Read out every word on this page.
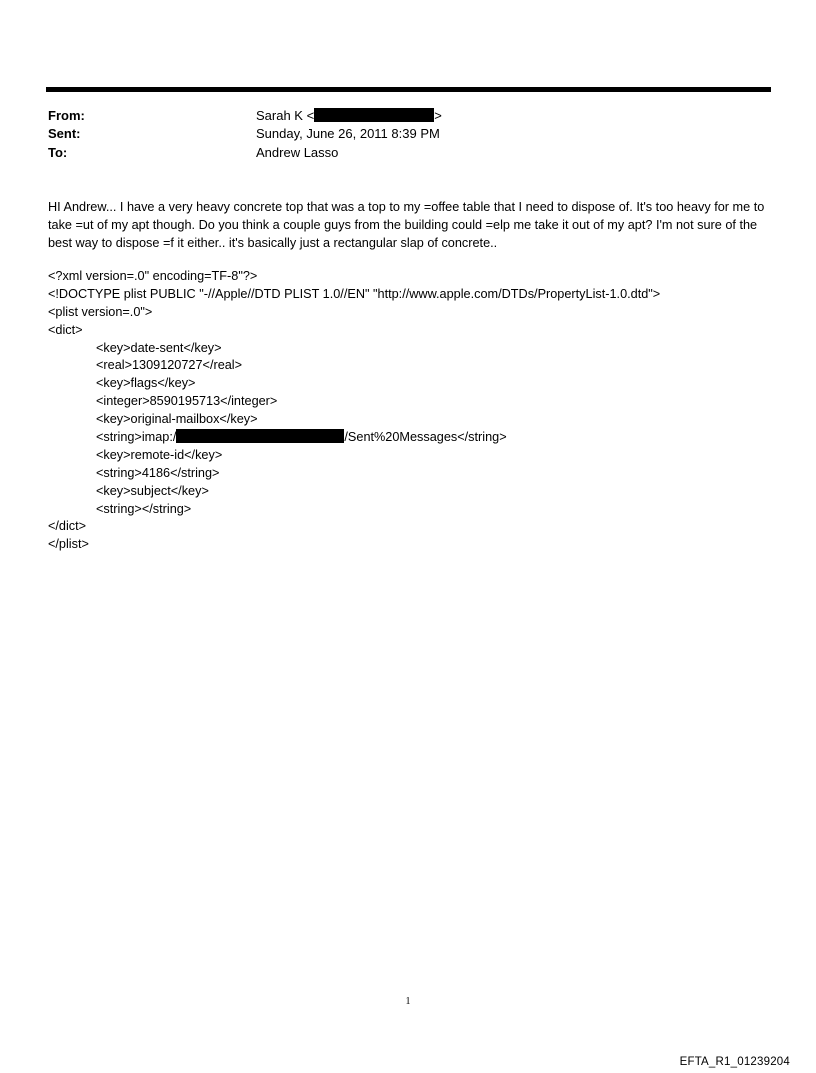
From:	Sarah K <	>
Sent:	Sunday, June 26, 2011 8:39 PM
To:	Andrew Lasso

HI Andrew... I have a very heavy concrete top that was a top to my =offee table that I need to dispose of. It's too heavy for me to take =ut of my apt though. Do you think a couple guys from the building could =elp me take it out of my apt? I'm not sure of the best way to dispose =f it either.. it's basically just a rectangular slap of concrete..

<?xml version=.0" encoding=TF-8"?>
<!DOCTYPE plist PUBLIC "-//Apple//DTD PLIST 1.0//EN" "http://www.apple.com/DTDs/PropertyList-1.0.dtd">
<plist version=.0">
<dict>
<key>date-sent</key>
<real>1309120727</real>
<key>flags</key>
<integer>8590195713</integer>
<key>original-mailbox</key>
<string>imap:/	/Sent%20Messages</string>
<key>remote-id</key>
<string>4186</string>
<key>subject</key>
<string></string>
</dict>
</plist>
1
EFTA_R1_01239204
